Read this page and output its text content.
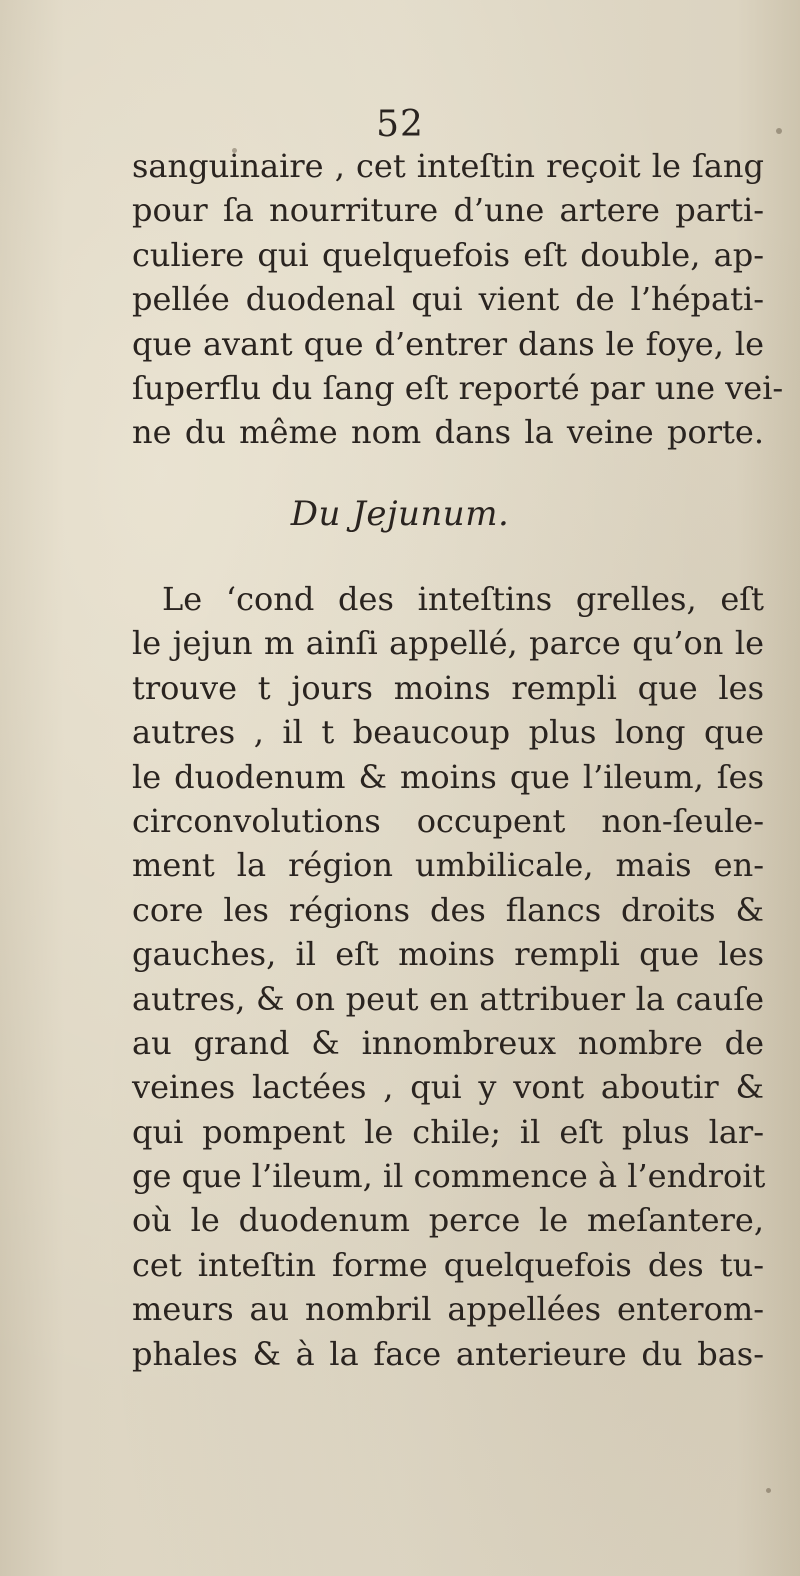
52
sanguinaire , cet inteſtin reçoit le ſang
pour ſa nourriture d’une artere parti-
culiere qui quelquefois eſt double, ap-
pellée duodenal qui vient de l’hépati-
que avant que d’entrer dans le foye, le
ſuperflu du ſang eſt reporté par une vei-
ne du même nom dans la veine porte.
Du Jejunum.
Le ‘cond des inteſtins grelles, eſt
le jejun m ainſi appellé, parce qu’on le
trouve t jours moins rempli que les
autres , il t beaucoup plus long que
le duodenum & moins que l’ileum, ſes
circonvolutions occupent non-ſeule-
ment la région umbilicale, mais en-
core les régions des flancs droits &
gauches, il eſt moins rempli que les
autres, & on peut en attribuer la cauſe
au grand & innombreux nombre de
veines lactées , qui y vont aboutir &
qui pompent le chile; il eſt plus lar-
ge que l’ileum, il commence à l’endroit
où le duodenum perce le meſantere,
cet inteſtin forme quelquefois des tu-
meurs au nombril appellées enterom-
phales & à la face anterieure du bas-
